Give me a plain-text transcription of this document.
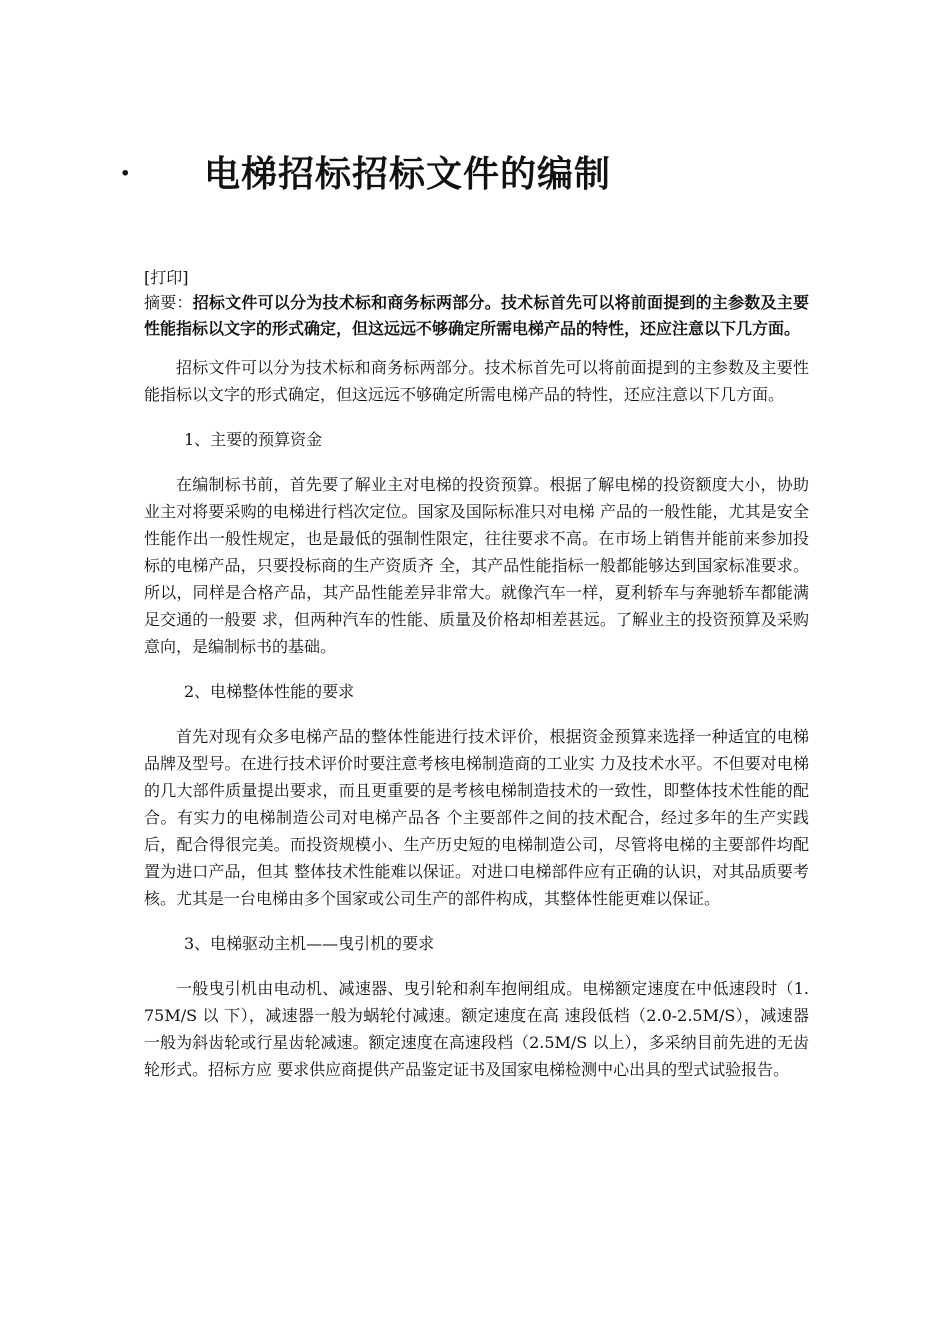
· 电梯招标招标文件的编制
[打印]

摘要：招标文件可以分为技术标和商务标两部分。技术标首先可以将前面提到的主参数及主要性能指标以文字的形式确定，但这远远不够确定所需电梯产品的特性，还应注意以下几方面。

招标文件可以分为技术标和商务标两部分。技术标首先可以将前面提到的主参数及主要性能指标以文字的形式确定，但这远远不够确定所需电梯产品的特性，还应注意以下几方面。

1、主要的预算资金

在编制标书前，首先要了解业主对电梯的投资预算。根据了解电梯的投资额度大小，协助业主对将要采购的电梯进行档次定位。国家及国际标准只对电梯 产品的一般性能，尤其是安全性能作出一般性规定，也是最低的强制性限定，往往要求不高。在市场上销售并能前来参加投标的电梯产品，只要投标商的生产资质齐 全，其产品性能指标一般都能够达到国家标准要求。所以，同样是合格产品，其产品性能差异非常大。就像汽车一样，夏利轿车与奔驰轿车都能满足交通的一般要 求，但两种汽车的性能、质量及价格却相差甚远。了解业主的投资预算及采购意向，是编制标书的基础。

2、电梯整体性能的要求

首先对现有众多电梯产品的整体性能进行技术评价，根据资金预算来选择一种适宜的电梯品牌及型号。在进行技术评价时要注意考核电梯制造商的工业实 力及技术水平。不但要对电梯的几大部件质量提出要求，而且更重要的是考核电梯制造技术的一致性，即整体技术性能的配合。有实力的电梯制造公司对电梯产品各 个主要部件之间的技术配合，经过多年的生产实践后，配合得很完美。而投资规模小、生产历史短的电梯制造公司，尽管将电梯的主要部件均配置为进口产品，但其 整体技术性能难以保证。对进口电梯部件应有正确的认识，对其品质要考核。尤其是一台电梯由多个国家或公司生产的部件构成，其整体性能更难以保证。

3、电梯驱动主机——曳引机的要求

一般曳引机由电动机、减速器、曳引轮和刹车抱闸组成。电梯额定速度在中低速段时（1.75M/S 以 下），减速器一般为蜗轮付减速。额定速度在高 速段低档（2.0-2.5M/S），减速器一般为斜齿轮或行星齿轮减速。额定速度在高速段档（2.5M/S 以上），多采纳目前先进的无齿轮形式。招标方应 要求供应商提供产品鉴定证书及国家电梯检测中心出具的型式试验报告。
